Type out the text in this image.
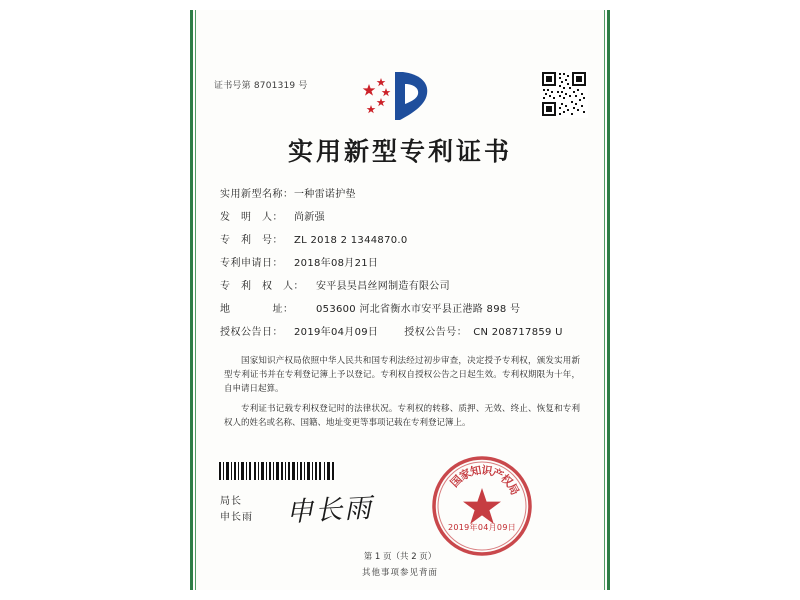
证书号第 8701319 号
实用新型专利证书
实用新型名称： 一种雷诺护垫
发　明　人：	尚新强
专　利　号：	ZL 2018 2 1344870.0
专利申请日：	2018年08月21日
专　利　权　人：	安平县昊昌丝网制造有限公司
地　　　　址：	053600 河北省衡水市安平县正港路 898 号
授权公告日：	2019年04月09日	授权公告号： CN 208717859 U

国家知识产权局依照中华人民共和国专利法经过初步审查，决定授予专利权，颁发实用新型专利证书并在专利登记簿上予以登记。专利权自授权公告之日起生效。专利权期限为十年，自申请日起算。

专利证书记载专利权登记时的法律状况。专利权的转移、质押、无效、终止、恢复和专利权人的姓名或名称、国籍、地址变更等事项记载在专利登记簿上。

局长
申长雨 申长雨
国
家
知
识
产
权
局
2019年04月09日
第 1 页（共 2 页）
其他事项参见背面
